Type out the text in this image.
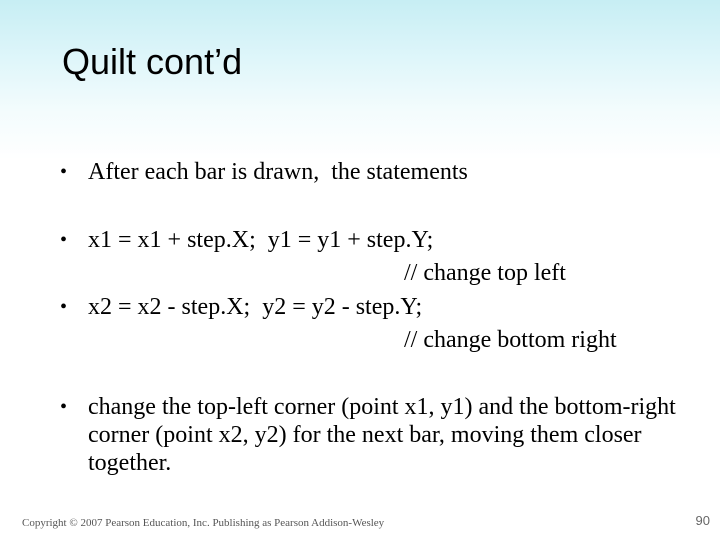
Quilt cont’d
• After each bar is drawn,  the statements
• x1 = x1 + step.X;  y1 = y1 + step.Y;
// change top left
• x2 = x2 - step.X;  y2 = y2 - step.Y;
// change bottom right
• change the top-left corner (point x1, y1) and the bottom-right corner (point x2, y2) for the next bar, moving them closer together.
Copyright © 2007 Pearson Education, Inc. Publishing as Pearson Addison-Wesley	90
